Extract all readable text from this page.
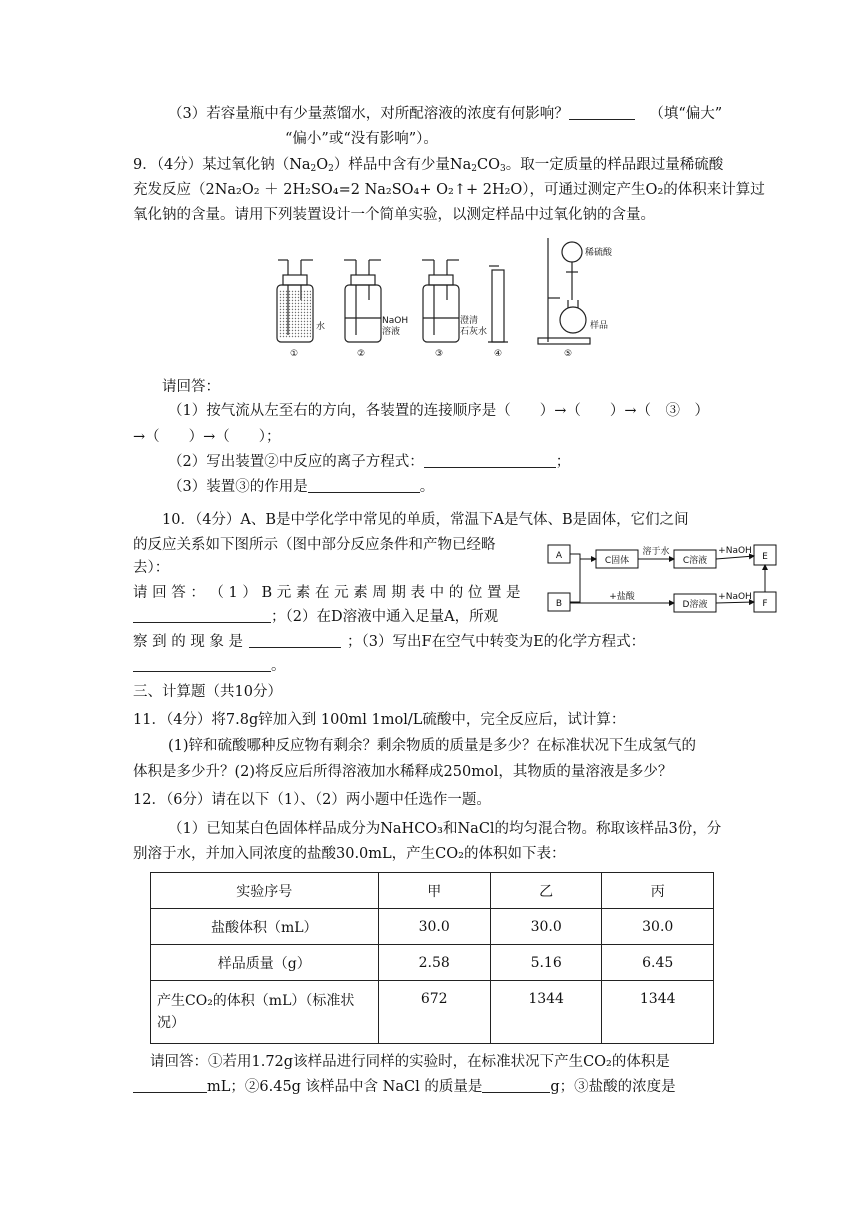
（3）若容量瓶中有少量蒸馏水，对所配溶液的浓度有何影响？	（填“偏大”
“偏小”或“没有影响”）。
9．（4分）某过氧化钠$(Na_2O_2)$样品中含有少量$Na_2CO_3$。取一定质量的样品跟过量稀硫酸
充发反应（2Na₂O₂ ＋ 2H₂SO₄=2 Na₂SO₄+ O₂↑+ 2H₂O），可通过测定产生O₂的体积来计算过
氧化钠的含量。请用下列装置设计一个简单实验，以测定样品中过氧化钠的含量。
水
NaOH
溶液
澄清
石灰水
稀硫酸
样品
①	②	③	④	⑤
请回答：
（1）按气流从左至右的方向，各装置的连接顺序是（　　）→（　　）→（　③　）
→（　　）→（　　）；
（2）写出装置②中反应的离子方程式：	；
（3）装置③的作用是	。
10．（4分）A、B是中学化学中常见的单质，常温下A是气体、B是固体，它们之间
的反应关系如下图所示（图中部分反应条件和产物已经略
去）：
请 回 答 ： （ 1 ） B 元 素 在 元 素 周 期 表 中 的 位 置 是
；（2）在D溶液中通入足量A，所观
察 到 的 现 象 是	；（3）写出F在空气中转变为E的化学方程式：
。
A	C固体
溶于水
C溶液
+NaOH
E
B
+盐酸
D溶液
+NaOH
F
三、计算题（共10分）
11．（4分）将7.8g锌加入到 100ml 1mol/L硫酸中，完全反应后，试计算：
(1)锌和硫酸哪种反应物有剩余？剩余物质的质量是多少？在标准状况下生成氢气的
体积是多少升？(2)将反应后所得溶液加水稀释成250mol，其物质的量溶液是多少？
12．（6分）请在以下（1）、（2）两小题中任选作一题。
（1）已知某白色固体样品成分为NaHCO₃和NaCl的均匀混合物。称取该样品3份，分
别溶于水，并加入同浓度的盐酸30.0mL，产生CO₂的体积如下表：
实验序号	甲	乙	丙
盐酸体积（mL）	30.0	30.0	30.0
样品质量（g）	2.58	5.16	6.45
产生CO₂的体积（mL）（标准状况）	672	1344	1344
请回答：①若用1.72g该样品进行同样的实验时，在标准状况下产生CO₂的体积是
mL；②6.45g 该样品中含 NaCl 的质量是	g；③盐酸的浓度是
